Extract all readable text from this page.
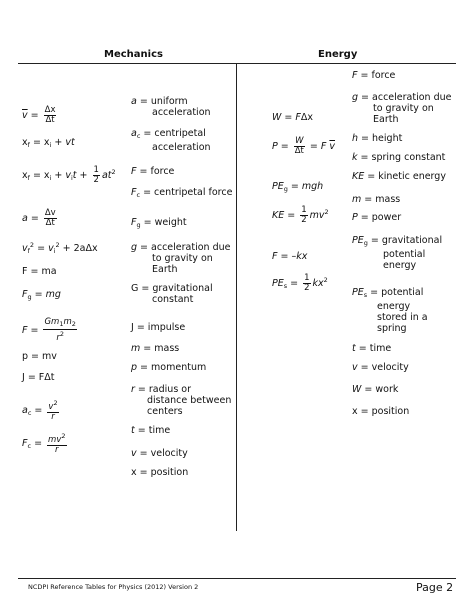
Mechanics	Energy
$\overline{v} = \frac{\Delta x}{\Delta t}$
$x_f = x_i$ + vt
$x_f = x_i + v_it + \frac{1}{2} at^2$
$a = \frac{\Delta v}{\Delta t}$
$v_f^2 = v_i^2 + 2a\Delta x$
F = ma
$F_g$ = mg
$F = \frac{Gm_1m_2}{r^2}$
p = mv
J = FΔt
$a_c = \frac{v^2}{r}$
$F_c = \frac{mv^2}{r}$
a = uniform
acceleration
$a_c$ = centripetal
acceleration
F = force
$F_c$ = centripetal force
$F_g$ = weight
g = acceleration due
to gravity on
Earth
G = gravitational
constant
J = impulse
m = mass
p = momentum
r = radius or
distance between
centers
t = time
v = velocity
x = position
W = FΔx
$P = \frac{W}{\Delta t} = F$ $\overline{v}$
$PE_g$ = mgh
KE = $\frac{1}{2} mv^2$
F = –kx
$PE_s = \frac{1}{2} kx^2$
F = force
g = acceleration due
to gravity on
Earth
h = height
k = spring constant
KE = kinetic energy
m = mass
P = power
$PE_g$ = gravitational
potential
energy
$PE_s$ = potential
energy
stored in a
spring
t = time
v = velocity
W = work
x = position
NCDPI Reference Tables for Physics (2012) Version 2	Page 2
